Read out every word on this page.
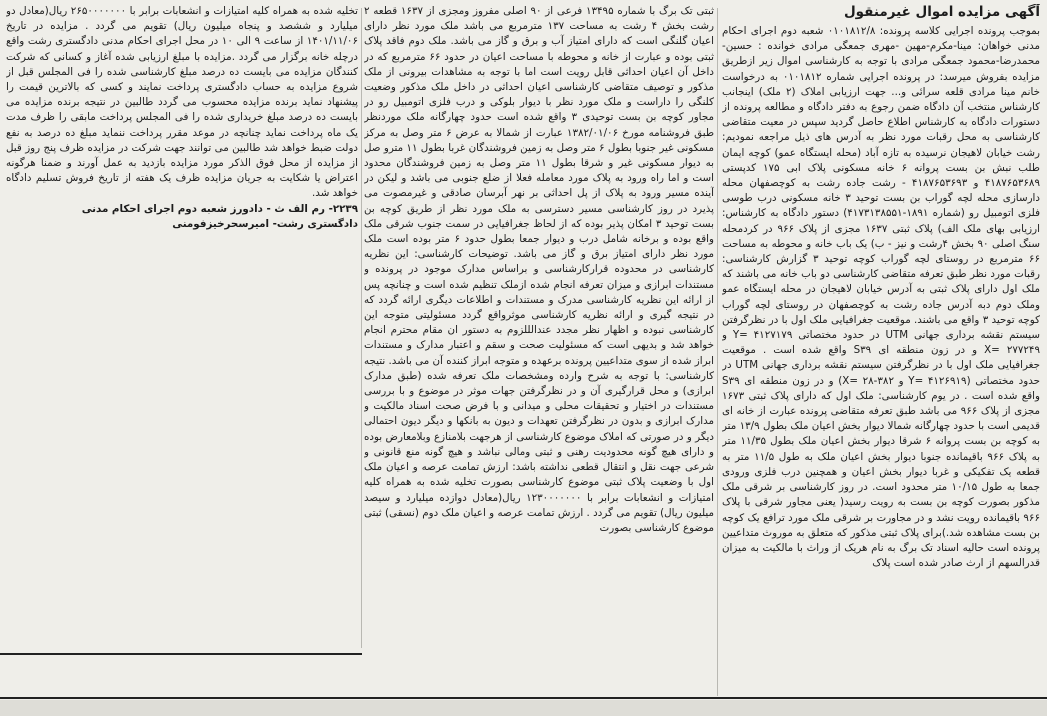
آگهی مزایده اموال غیرمنقول

بموجب پرونده اجرایی کلاسه پرونده: ۰۱۰۱۸۱۲/۸ شعبه دوم اجرای احکام مدنی خواهان: مینا-مکرم-مهین -مهری جمعگی مرادی خوانده : حسین- محمدرضا-محمود جمعگی مرادی با توجه به کارشناسی اموال زیر ازطریق مزایده بفروش میرسد: در پرونده اجرایی شماره ۰۱۰۱۸۱۲ به درخواست خانم مینا مرادی قلعه سرائی و... جهت ارزیابی املاک (۲ ملک) اینجانب کارشناس منتخب آن دادگاه ضمن رجوع به دفتر دادگاه و مطالعه پرونده از دستورات دادگاه به کارشناس اطلاع حاصل گردید سپس در معیت متقاضی کارشناسی به محل رقبات مورد نظر به آدرس های ذیل مراجعه نمودیم: رشت خیابان لاهیجان نرسیده به تازه آباد (محله ایستگاه عمو) کوچه ایمان طلب نبش بن بست پروانه ۶ خانه مسکونی پلاک ابی ۱۷۵ کدپستی ۴۱۸۷۶۵۳۶۸۹ و ۴۱۸۷۶۵۳۶۹۳ - رشت جاده رشت به کوچصفهان محله دارسازی محله لچه گوراب بن بست توحید ۳ خانه مسکونی درب طوسی فلزی اتومبیل رو (شماره ۱۸۹۱-۴۱۷۳۱۳۸۵۵۱) دستور دادگاه به کارشناس: ارزیابی بهای ملک الف) پلاک ثبتی ۱۶۳۷ مجزی از پلاک ۹۶۶ در کردمحله سنگ اصلی ۹۰ بخش ۴رشت و نیز - ب) یک باب خانه و محوطه به مساحت ۶۶ مترمربع در روستای لچه گوراب کوچه توحید ۳ گزارش کارشناسی: رقبات مورد نظر طبق تعرفه متقاضی کارشناسی دو باب خانه می باشند که ملک اول دارای پلاک ثبتی به آدرس خیابان لاهیجان در محله ایستگاه عمو وملک دوم دبه آدرس جاده رشت به کوچصفهان در روستای لچه گوراب کوچه توحید ۳ واقع می باشند. موقعیت جغرافیایی ملک اول با در نظرگرفتن سیستم نقشه برداری جهانی UTM در حدود مختصاتی ۴۱۲۷۱۷۹ =Y و ۲۷۷۲۴۹ =X و در زون منطقه ای S۳۹ واقع شده است . موقعیت جغرافیایی ملک اول با در نظرگرفتن سیستم نقشه برداری جهانی UTM در حدود مختصاتی (۴۱۲۶۹۱۹ =Y و ۳۸۲-۲۸ =X) و در زون منطقه ای S۳۹ واقع شده است . در یوم کارشناسی: ملک اول که دارای پلاک ثبتی ۱۶۷۳ مجزی از پلاک ۹۶۶ می باشد طبق تعرفه متقاضی پرونده عبارت از خانه ای قدیمی است با حدود چهارگانه شمالا دیوار بخش اعیان ملک بطول ۱۳/۹ متر به کوچه بن بست پروانه ۶ شرقا دیوار بخش اعیان ملک بطول ۱۱/۳۵ متر به پلاک ۹۶۶ باقیمانده جنوبا دیوار بخش اعیان ملک به طول ۱۱/۵ متر به قطعه یک تفکیکی و غربا دیوار بخش اعیان و همچنین درب فلزی ورودی جمعا به طول ۱۰/۱۵ متر محدود است. در روز کارشناسی بر شرقی ملک مذکور بصورت کوچه بن بست به رویت رسید( یعنی مجاور شرقی با پلاک ۹۶۶ باقیمانده رویت نشد و در مجاورت بر شرقی ملک مورد ترافع یک کوچه بن بست مشاهده شد.)برای پلاک ثبتی مذکور که متعلق به موروث متداعیین پرونده است حالیه اسناد تک برگ به نام هریک از وراث با مالکیت به میزان قدرالسهم از ارث صادر شده است پلاک

ثبتی تک برگ با شماره ۱۳۴۹۵ فرعی از ۹۰ اصلی مفروز ومجزی از ۱۶۳۷ قطعه ۲ رشت بخش ۴ رشت به مساحت ۱۳۷ مترمربع می باشد ملک مورد نظر دارای اعیان گلنگی است که دارای امتیاز آب و برق و گاز می باشد. ملک دوم فاقد پلاک ثبتی بوده و عبارت از خانه و محوطه با مساحت اعیان در حدود ۶۶ مترمربع که در داخل آن اعیان احداثی قابل رویت است اما با توجه به مشاهدات بیرونی از ملک مذکور و توصیف متقاضی کارشناسی اعیان احداثی در داخل ملک مذکور وضعیت کلنگی را داراست و ملک مورد نظر با دیوار بلوکی و درب فلزی اتومبیل رو در مجاور کوچه بن بست توحیدی ۳ واقع شده است حدود چهارگانه ملک موردنظر طبق فروشنامه مورخ ۱۳۸۲/۰۱/۰۶ عبارت از شمالا به عرض ۶ متر وصل به مرکز مسکونی غیر جنوبا بطول ۶ متر وصل به زمین فروشندگان غربا بطول ۱۱ مترو صل به دیوار مسکونی غیر و شرقا بطول ۱۱ متر وصل به زمین فروشندگان محدود است و اما راه ورود به پلاک مورد معامله فعلا از ضلع جنوبی می باشد و لیکن در آینده مسیر ورود به پلاک از پل احداثی بر نهر آبرسان صادقی و غیرمصوت می پذیرد در روز کارشناسی مسیر دسترسی به ملک مورد نظر از طریق کوچه بن بست توحید ۳ امکان پذیر بوده که از لحاظ جغرافیایی در سمت جنوب شرقی ملک واقع بوده و برخانه شامل درب و دیوار جمعا بطول حدود ۶ متر بوده است ملک مورد نظر دارای امتیاز برق و گاز می باشد. توضیحات کارشناسی: این نظریه کارشناسی در محدوده قرارکارشناسی و براساس مدارک موجود در پرونده و مستندات ابرازی و میزان تعرفه انجام شده ازملک تنظیم شده است و چنانچه پس از ارائه این نظریه کارشناسی مدرک و مستندات و اطلاعات دیگری ارائه گردد که در نتیجه گیری و ارائه نظریه کارشناسی موثرواقع گردد مسئولیتی متوجه این کارشناسی نبوده و اظهار نظر مجدد عندالللزوم به دستور ان مقام محترم انجام خواهد شد و بدیهی است که مسئولیت صحت و سقم و اعتبار مدارک و مستندات ابراز شده از سوی متداعیین پرونده برعهده و متوجه ابراز کننده آن می باشد. نتیجه کارشناسی: با توجه به شرح وارده ومشخصات ملک تعرفه شده (طبق مدارک ابرازی) و محل قرارگیری آن و در نظرگرفتن جهات موثر در موضوع و با بررسی مستندات در اختیار و تحقیقات محلی و میدانی و با فرض صحت اسناد مالکیت و مدارک ابرازی و بدون در نظرگرفتن تعهدات و دیون به بانکها و دیگر دیون احتمالی دیگر و در صورتی که املاک موضوع کارشناسی از هرجهت بلامنازع وبلامعارض بوده و دارای هیچ گونه محدودیت رهنی و ثبتی ومالی نباشد و هیچ گونه منع قانونی و شرعی جهت نقل و انتقال قطعی نداشته باشد: ارزش تمامت عرصه و اعیان ملک اول با وضعیت پلاک ثبتی موضوع کارشناسی بصورت تخلیه شده به همراه کلیه امتیازات و انشعابات برابر با ۱۲۳۰۰۰۰۰۰۰ ریال(معادل دوازده میلیارد و سیصد میلیون ریال) تقویم می گردد . ارزش تمامت عرصه و اعیان ملک دوم (نسقی) ثبتی موضوع کارشناسی بصورت

تخلیه شده به همراه کلیه امتیازات و انشعابات برابر با ۲۶۵۰۰۰۰۰۰۰ ریال(معادل دو میلیارد و ششصد و پنجاه میلیون ریال) تقویم می گردد . مزایده در تاریخ ۱۴۰۱/۱۱/۰۶ از ساعت ۹ الی ۱۰ در محل اجرای احکام مدنی دادگستری رشت واقع درچله خانه برگزار می گردد .مزایده با مبلغ ارزیابی شده آغاز و کسانی که شرکت کنندگان مزایده می بایست ده درصد مبلغ کارشناسی شده را فی المجلس قبل از شروع مزایده به حساب دادگستری پرداخت نمایند و کسی که بالاترین قیمت را پیشنهاد نماید برنده مزایده محسوب می گردد طالبین در نتیجه برنده مزایده می بایست ده درصد مبلغ خریداری شده را فی المجلس پرداخت مابقی را ظرف مدت یک ماه پرداخت نماید چنانچه در موعد مقرر پرداخت ننماید مبلغ ده درصد به نفع دولت ضبط خواهد شد طالبین می توانند جهت شرکت در مزایده ظرف پنج روز قبل از مزایده از محل فوق الذکر مورد مزایده بازدید به عمل آورند و ضمنا هرگونه اعتراض یا شکایت به جریان مزایده ظرف یک هفته از تاریخ فروش تسلیم دادگاه خواهد شد.

۲۲۳۹- رم الف ث - دادورز شعبه دوم اجرای احکام مدنی

دادگستری رشت- امیرسحرخیزفومنی
